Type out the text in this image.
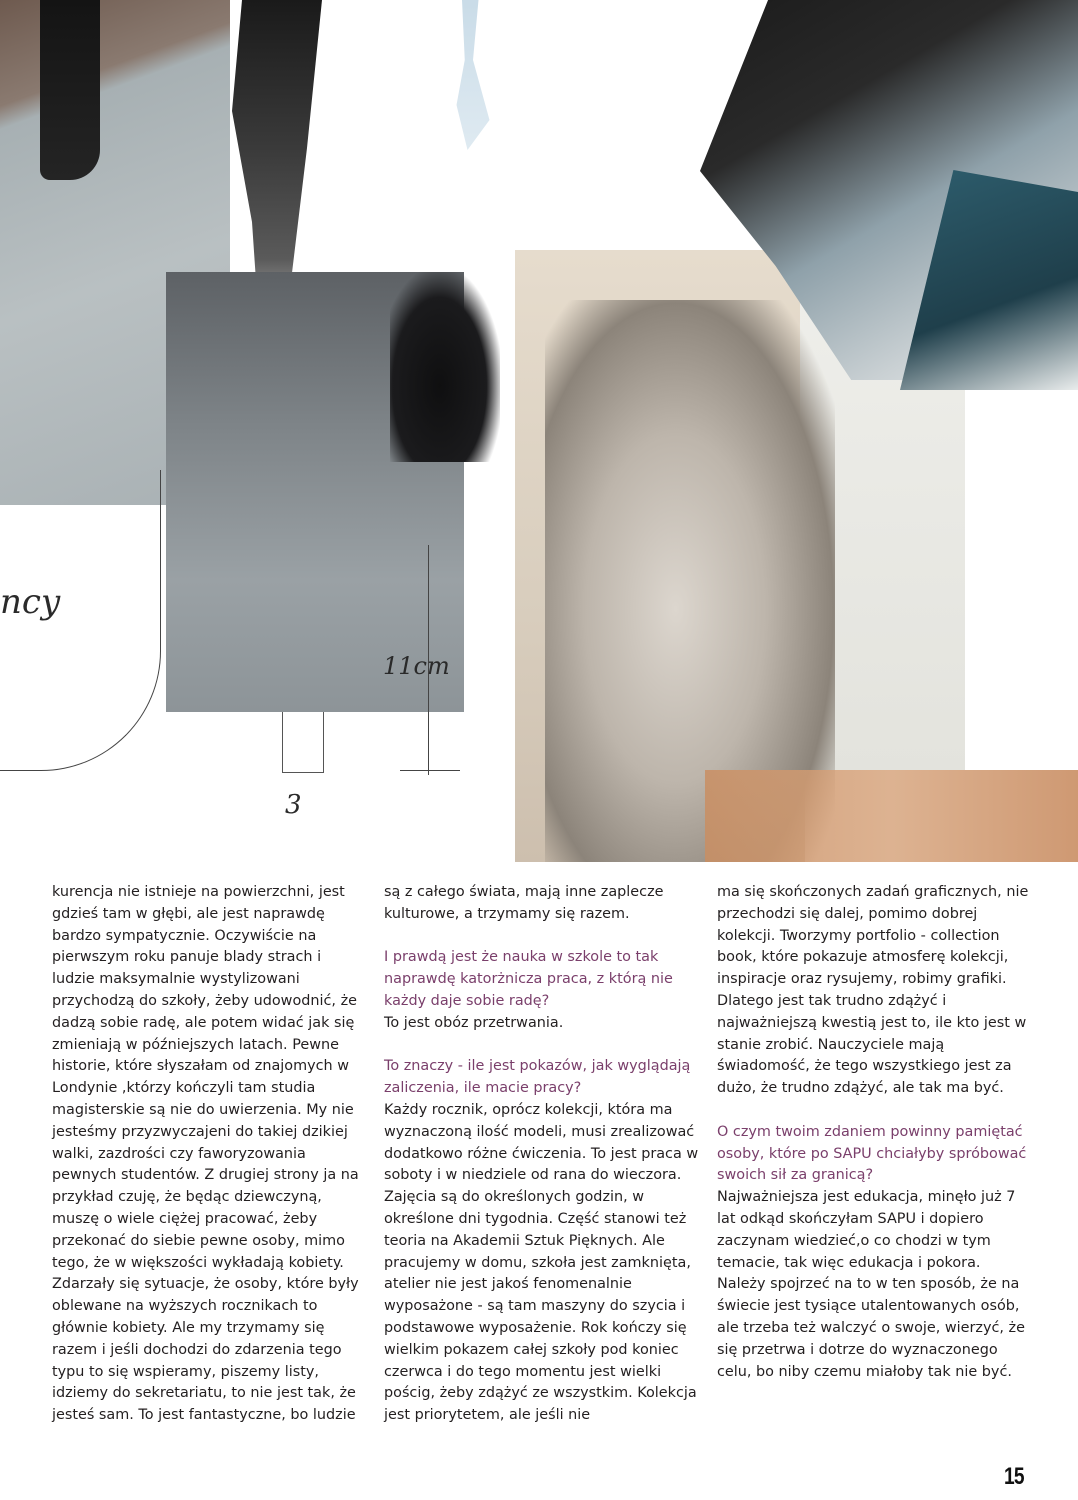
ncy
11cm
3

kurencja nie istnieje na powierzchni, jest gdzieś tam w głębi, ale jest naprawdę bardzo sympatycznie. Oczywiście na pierwszym roku panuje blady strach i ludzie maksymalnie wystylizowani przychodzą do szkoły, żeby udowodnić, że dadzą sobie radę, ale potem widać jak się zmieniają w późniejszych latach. Pewne historie, które słyszałam od znajomych w Londynie ,którzy kończyli tam studia magisterskie są nie do uwierzenia. My nie jesteśmy przyzwyczajeni do takiej dzikiej walki, zazdrości czy faworyzowania pewnych studentów. Z drugiej strony ja na przykład czuję, że będąc dziewczyną, muszę o wiele ciężej pracować, żeby przekonać do siebie pewne osoby, mimo tego, że w większości wykładają kobiety. Zdarzały się sytuacje, że osoby, które były oblewane na wyższych rocznikach to głównie kobiety. Ale my trzymamy się razem i jeśli dochodzi do zdarzenia tego typu to się wspieramy, piszemy listy, idziemy do sekretariatu, to nie jest tak, że jesteś sam. To jest fantastyczne, bo ludzie

są z całego świata, mają inne zaplecze kulturowe, a trzymamy się razem.

I prawdą jest że nauka w szkole to tak naprawdę katorżnicza praca, z którą nie każdy daje sobie radę?

To jest obóz przetrwania.

To znaczy - ile jest pokazów, jak wyglądają zaliczenia, ile macie pracy?

Każdy rocznik, oprócz kolekcji, która ma wyznaczoną ilość modeli, musi zrealizować dodatkowo różne ćwiczenia. To jest praca w soboty i w niedziele od rana do wieczora. Zajęcia są do określonych godzin, w określone dni tygodnia. Część stanowi też teoria na Akademii Sztuk Pięknych. Ale pracujemy w domu, szkoła jest zamknięta, atelier nie jest jakoś fenomenalnie wyposażone - są tam maszyny do szycia i podstawowe wyposażenie. Rok kończy się wielkim pokazem całej szkoły pod koniec czerwca i do tego momentu jest wielki pościg, żeby zdążyć ze wszystkim. Kolekcja jest priorytetem, ale jeśli nie

ma się skończonych zadań graficznych, nie przechodzi się dalej, pomimo dobrej kolekcji. Tworzymy portfolio - collection book, które pokazuje atmosferę kolekcji, inspiracje oraz rysujemy, robimy grafiki. Dlatego jest tak trudno zdążyć i najważniejszą kwestią jest to, ile kto jest w stanie zrobić. Nauczyciele mają świadomość, że tego wszystkiego jest za dużo, że trudno zdążyć, ale tak ma być.

O czym twoim zdaniem powinny pamiętać osoby, które po SAPU chciałyby spróbować swoich sił za granicą?

Najważniejsza jest edukacja, minęło już 7 lat odkąd skończyłam SAPU i dopiero zaczynam wiedzieć,o co chodzi w tym temacie, tak więc edukacja i pokora. Należy spojrzeć na to w ten sposób, że na świecie jest tysiące utalentowanych osób, ale trzeba też walczyć o swoje, wierzyć, że się przetrwa i dotrze do wyznaczonego celu, bo niby czemu miałoby tak nie być.

15
